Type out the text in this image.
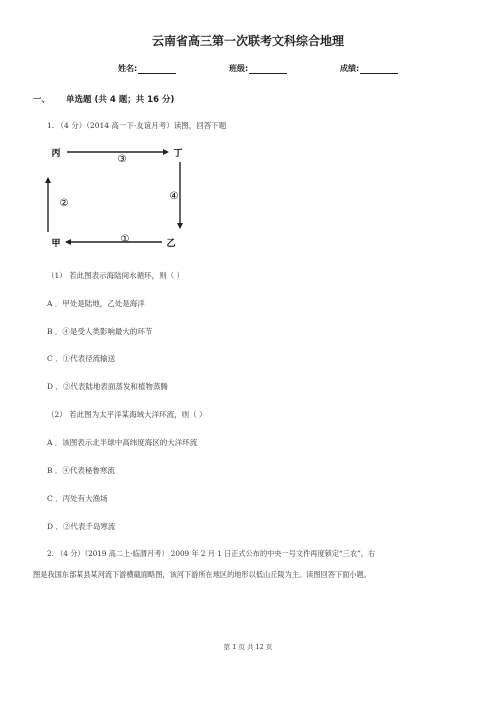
云南省高三第一次联考文科综合地理
姓名:	班级:	成绩:
一、 单选题 (共 4 题；共 16 分)
1. （4 分）（2014 高一下·友谊月考）读图，回答下题
丙	丁
甲	乙
③
②
④
①
（1） 若此图表示海陆间水循环，则（ ）
A ．甲处是陆地，乙处是海洋
B ．④是受人类影响最大的环节
C ．①代表径流输送
D ．②代表陆地表面蒸发和植物蒸腾
（2） 若此图为太平洋某海域大洋环流，则（ ）
A ．该图表示北半球中高纬度海区的大洋环流
B ．④代表秘鲁寒流
C ．丙处有大渔场
D ．②代表千岛寒流
2. （4 分）（2019 高二上·临渭月考） 2009 年 2 月 1 日正式公布的中央一号文件再度锁定“三农”，右
图是我国东部某县某河流下游横截面略图，该河下游所在地区的地形以低山丘陵为主。读图回答下面小题。
第 1 页 共 12 页
